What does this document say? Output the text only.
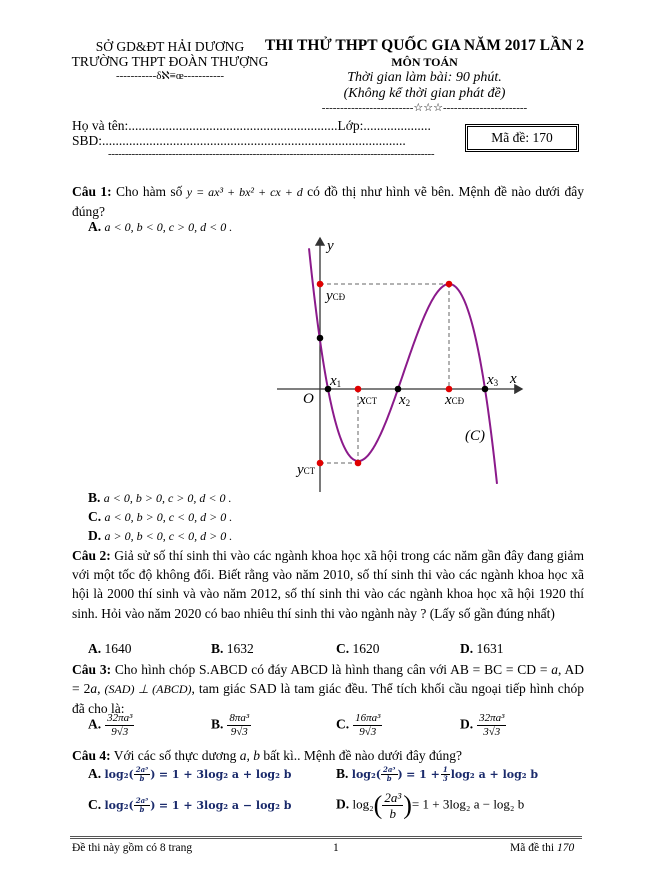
SỞ GD&ĐT HẢI DƯƠNG
TRƯỜNG THPT ĐOÀN THƯỢNG
-----------δℵ≡œ-----------
THI THỬ THPT QUỐC GIA NĂM 2017 LẦN 2
MÔN TOÁN
Thời gian làm bài: 90 phút.
(Không kể thời gian phát đề)
-------------------------☆☆☆-----------------------
Họ và tên:..............................................................Lớp:....................
SBD:..........................................................................................	Mã đề: 170
-------------------------------------------------------------------------------------------------
Câu 1: Cho hàm số y = ax³ + bx² + cx + d có đồ thị như hình vẽ bên. Mệnh đề nào dưới đây đúng?
A. a < 0, b < 0, c > 0, d < 0 .
y
x
O
yCĐ
yCT
x1
xCT x2 xCĐ
x3
(C)
B. a < 0, b > 0, c > 0, d < 0 .
C. a < 0, b > 0, c < 0, d > 0 .
D. a > 0, b < 0, c < 0, d > 0 .
Câu 2: Giả sử số thí sinh thi vào các ngành khoa học xã hội trong các năm gần đây đang giảm với một tốc độ không đổi. Biết rằng vào năm 2010, số thí sinh thi vào các ngành khoa học xã hội là 2000 thí sinh và vào năm 2012, số thí sinh thi vào các ngành khoa học xã hội 1920 thí sinh. Hỏi vào năm 2020 có bao nhiêu thí sinh thi vào ngành này ? (Lấy số gần đúng nhất)
A. 1640	B. 1632	C. 1620	D. 1631
Câu 3: Cho hình chóp S.ABCD có đáy ABCD là hình thang cân với AB = BC = CD = a, AD = 2a, (SAD) ⊥ (ABCD), tam giác SAD là tam giác đều. Thể tích khối cầu ngoại tiếp hình chóp đã cho là:
A. $\frac{\text{32πa³}}{9√3}$	B. $\frac{\text{8πa³}}{9√3}$	C. $\frac{\text{16πa³}}{9√3}$	D. $\frac{\text{32πa³}}{3√3}$
Câu 4: Với các số thực dương a, b bất kì.. Mệnh đề nào dưới đây đúng?
A. $\log_2( \frac{\text{2a³}}{b}$ ) = 1 + 3log₂ a + log₂ b	B. $\log_2( \frac{\text{2a³}}{b}$ ) = $1 + \frac{1}{3} \log_2$ a + log₂ b
C. $\log_2( \frac{\text{2a³}}{b}$ ) = 1 + 3log₂ a − log₂ b	D. $\log_2( \frac{\text{2a³}}{b}$ )= 1 + 3log₂ a − log₂ b
Đề thi này gồm có 8 trang	1	Mã đề thi 170
